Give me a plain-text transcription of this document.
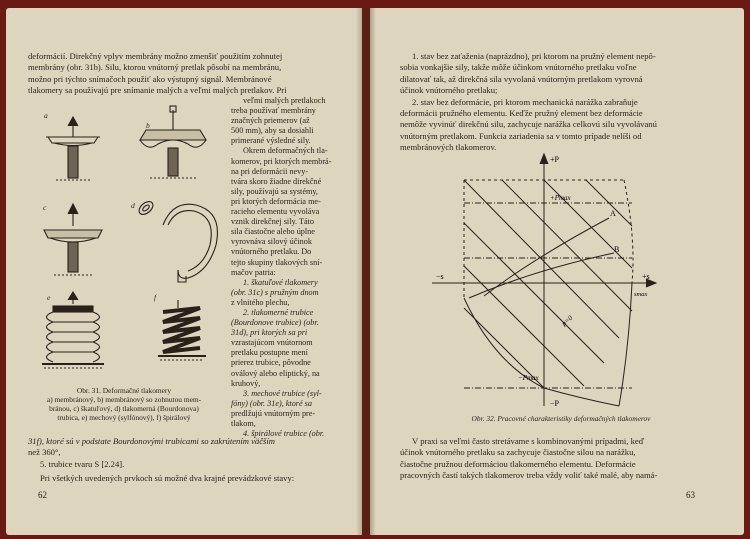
deformácií. Direkčný vplyv membrány možno zmenšiť použitím zohnutej

membrány (obr. 31b). Silu, ktorou vnútorný pretlak pôsobí na membránu,

možno pri týchto snímačoch použiť ako výstupný signál. Membránové

tlakomery sa používajú pre snímanie malých a veľmi malých pretlakov. Pri

a
b
c	d
e	f

veľmi malých pretlakoch

treba používať membrány

značných priemerov (až

500 mm), aby sa dosiahli

primerané výsledné sily.

Okrem deformačných tla-

komerov, pri ktorých membrá-

na pri deformácii nevy-

tvára skoro žiadne direkčné

sily, používajú sa systémy,

pri ktorých deformácia me-

racieho elementu vyvoláva

vznik direkčnej sily. Táto

sila čiastočne alebo úplne

vyrovnáva silový účinok

vnútorného pretlaku. Do

tejto skupiny tlakových sní-

mačov patria:

1. škatuľové tlakomery

(obr. 31c) s pružným dnom

z vlnitého plechu,

2. tlakomerné trubice

(Bourdonove trubice) (obr.

31d), pri ktorých sa pri

vzrastajúcom vnútornom

pretlaku postupne mení

prierez trubice, pôvodne

oválový alebo eliptický, na

kruhový,

3. mechové trubice (syl-

fóny) (obr. 31e), ktoré sa

predlžujú vnútorným pre-

tlakom,

4. špirálové trubice (obr.

Obr. 31. Deformačné tlakomery
a) membránový, b) membránový so zohnutou mem-
bránou, c) škatuľový, d) tlakomerná (Bourdonova)
trubica, e) mechový (sylfónový), f) špirálový

31f), ktoré sú v podstate Bourdonovými trubicami so zakrútením väčším

než 360°,

5. trubice tvaru S [2.24].

Pri všetkých uvedených prvkoch sú možné dva krajné prevádzkové stavy:

62

1. stav bez zaťaženia (naprázdno), pri ktorom na pružný element nepô-

sobia vonkajšie sily, takže môže účinkom vnútorného pretlaku voľne

dilatovať tak, až direkčná sila vyvolaná vnútorným pretlakom vyrovná

účinok vnútorného pretlaku;

2. stav bez deformácie, pri ktorom mechanická narážka zabraňuje

deformácii pružného elementu. Keďže pružný element bez deformácie

nemôže vyvinúť direkčnú silu, zachycuje narážka celkovú silu vyvolávanú

vnútorným pretlakom. Funkcia zariadenia sa v tomto prípade nelíši od

membránových tlakomerov.

+P
−P
+Pmax
−Pmax
−s	+s
smax
A
B
p=0
Obr. 32. Pracovné charakteristiky deformačných tlakomerov

V praxi sa veľmi často stretávame s kombinovanými prípadmi, keď

účinok vnútorného pretlaku sa zachycuje čiastočne silou na narážku,

čiastočne pružnou deformáciou tlakomerného elementu. Deformácie

pracovných častí takých tlakomerov treba vždy voliť také malé, aby namá-

63
